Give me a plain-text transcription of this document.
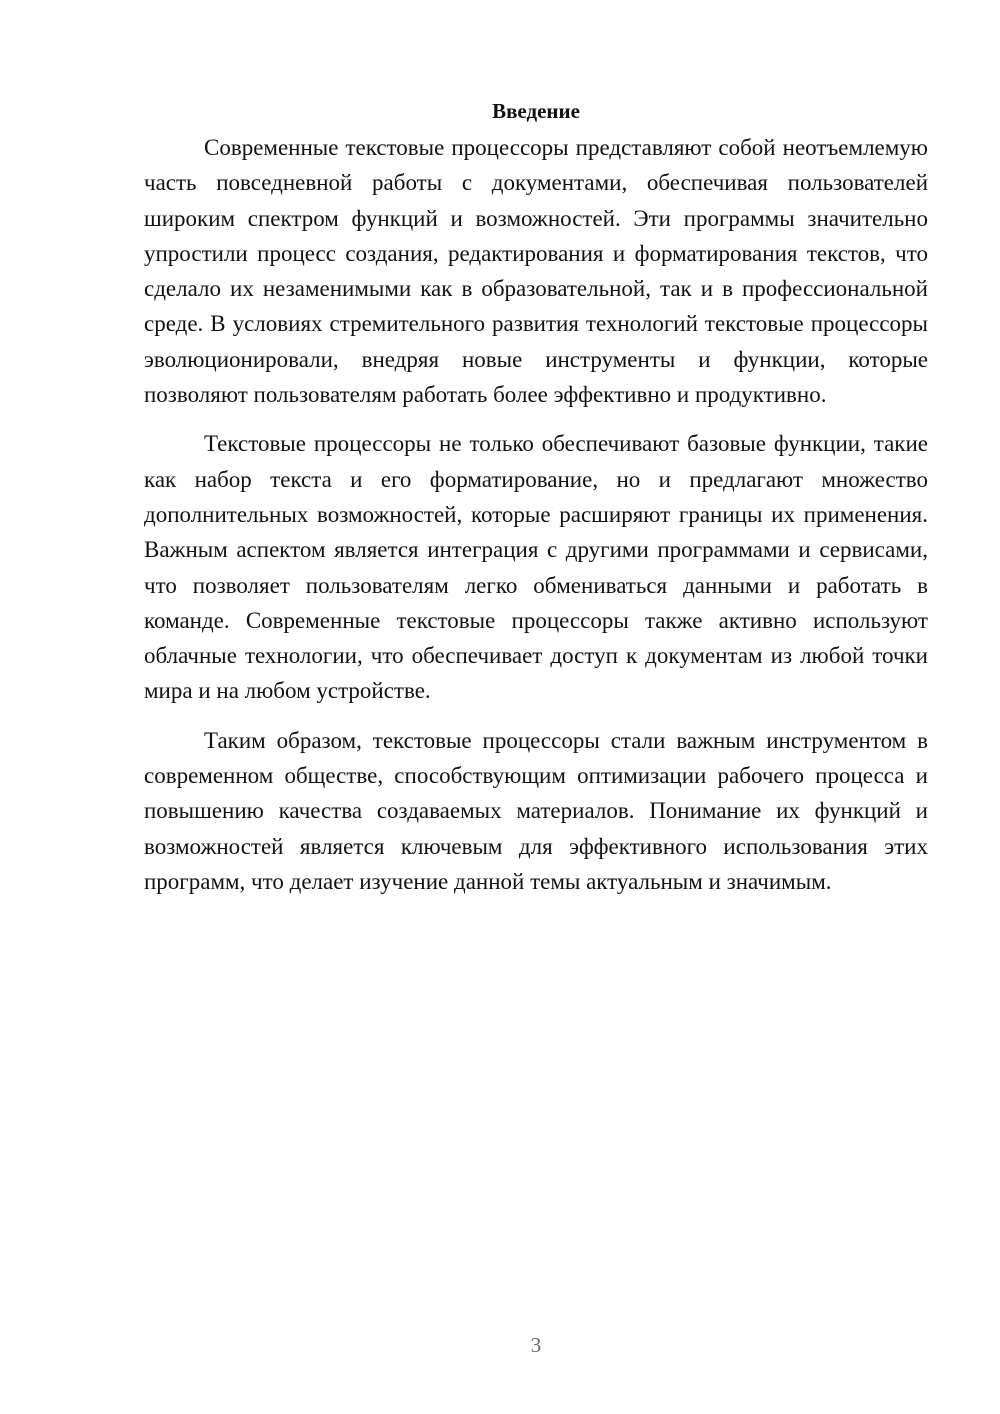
Введение

Современные текстовые процессоры представляют собой неотъемлемую часть повседневной работы с документами, обеспечивая пользователей широким спектром функций и возможностей. Эти программы значительно упростили процесс создания, редактирования и форматирования текстов, что сделало их незаменимыми как в образовательной, так и в профессиональной среде. В условиях стремительного развития технологий текстовые процессоры эволюционировали, внедряя новые инструменты и функции, которые позволяют пользователям работать более эффективно и продуктивно.

Текстовые процессоры не только обеспечивают базовые функции, такие как набор текста и его форматирование, но и предлагают множество дополнительных возможностей, которые расширяют границы их применения. Важным аспектом является интеграция с другими программами и сервисами, что позволяет пользователям легко обмениваться данными и работать в команде. Современные текстовые процессоры также активно используют облачные технологии, что обеспечивает доступ к документам из любой точки мира и на любом устройстве.

Таким образом, текстовые процессоры стали важным инструментом в современном обществе, способствующим оптимизации рабочего процесса и повышению качества создаваемых материалов. Понимание их функций и возможностей является ключевым для эффективного использования этих программ, что делает изучение данной темы актуальным и значимым.

3
